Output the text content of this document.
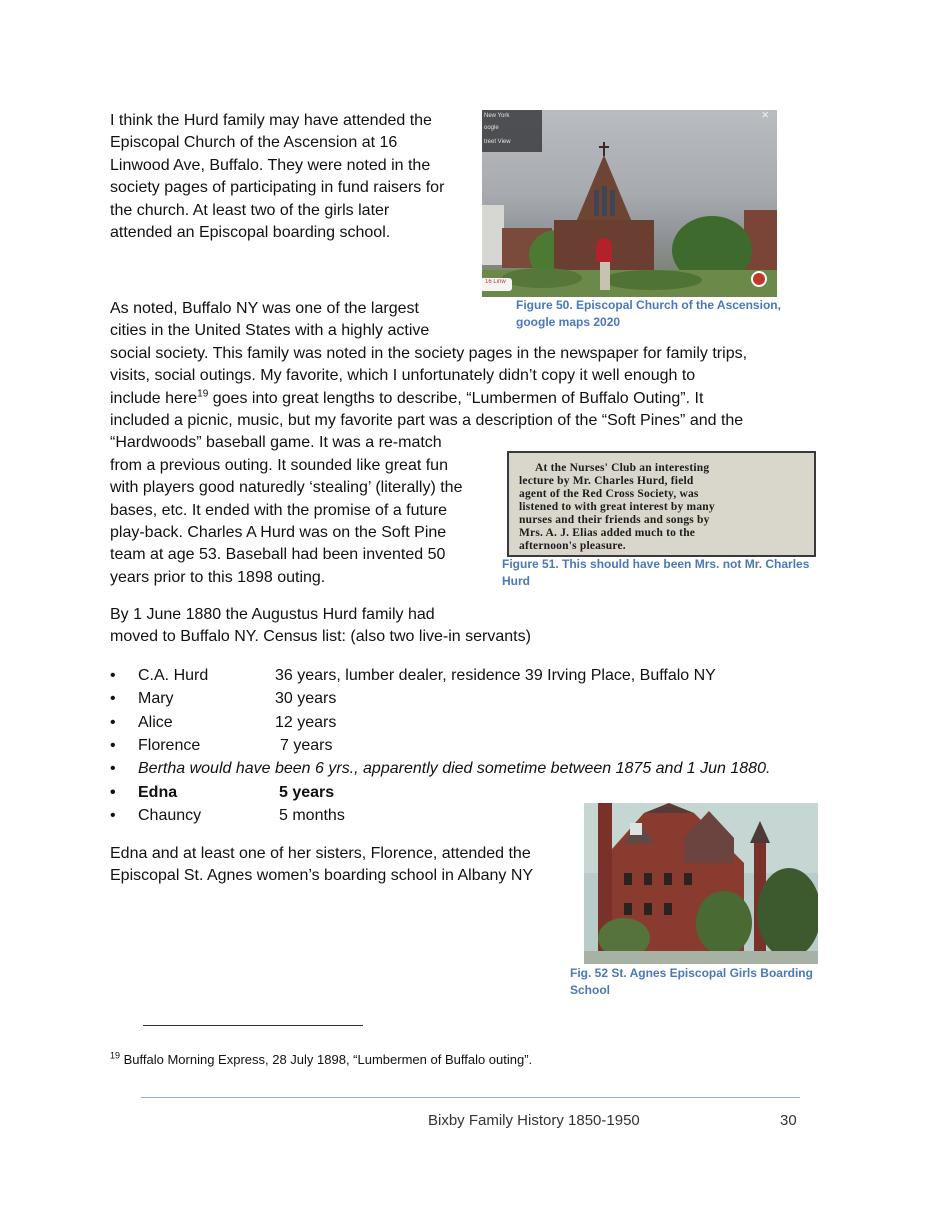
I think the Hurd family may have attended the
Episcopal Church of the Ascension at 16
Linwood Ave, Buffalo. They were noted in the
society pages of participating in fund raisers for
the church. At least two of the girls later
attended an Episcopal boarding school.
New York
oogle
treet View
×
16 Linw
Figure 50. Episcopal Church of the Ascension,
google maps 2020
As noted, Buffalo NY was one of the largest
cities in the United States with a highly active
social society. This family was noted in the society pages in the newspaper for family trips,
visits, social outings. My favorite, which I unfortunately didn’t copy it well enough to
include here$^{19}$ goes into great lengths to describe, “Lumbermen of Buffalo Outing”. It
included a picnic, music, but my favorite part was a description of the “Soft Pines” and the
“Hardwoods” baseball game. It was a re-match
from a previous outing. It sounded like great fun
with players good naturedly ‘stealing’ (literally) the
bases, etc. It ended with the promise of a future
play-back. Charles A Hurd was on the Soft Pine
team at age 53. Baseball had been invented 50
years prior to this 1898 outing.
At the Nurses' Club an interesting
lecture by Mr. Charles Hurd, field
agent of the Red Cross Society, was
listened to with great interest by many
nurses and their friends and songs by
Mrs. A. J. Elias added much to the
afternoon's pleasure.
Figure 51. This should have been Mrs. not Mr. Charles
Hurd
By 1 June 1880 the Augustus Hurd family had
moved to Buffalo NY. Census list: (also two live-in servants)
• C.A. Hurd	36 years, lumber dealer, residence 39 Irving Place, Buffalo NY
• Mary	30 years
• Alice	12 years
• Florence	7 years
• Bertha would have been 6 yrs., apparently died sometime between 1875 and 1 Jun 1880.
• Edna	5 years
• Chauncy	5 months
Edna and at least one of her sisters, Florence, attended the
Episcopal St. Agnes women’s boarding school in Albany NY
Fig. 52 St. Agnes Episcopal Girls Boarding
School
$^{19}$ Buffalo Morning Express, 28 July 1898, “Lumbermen of Buffalo outing”.
Bixby Family History 1850-1950	30
